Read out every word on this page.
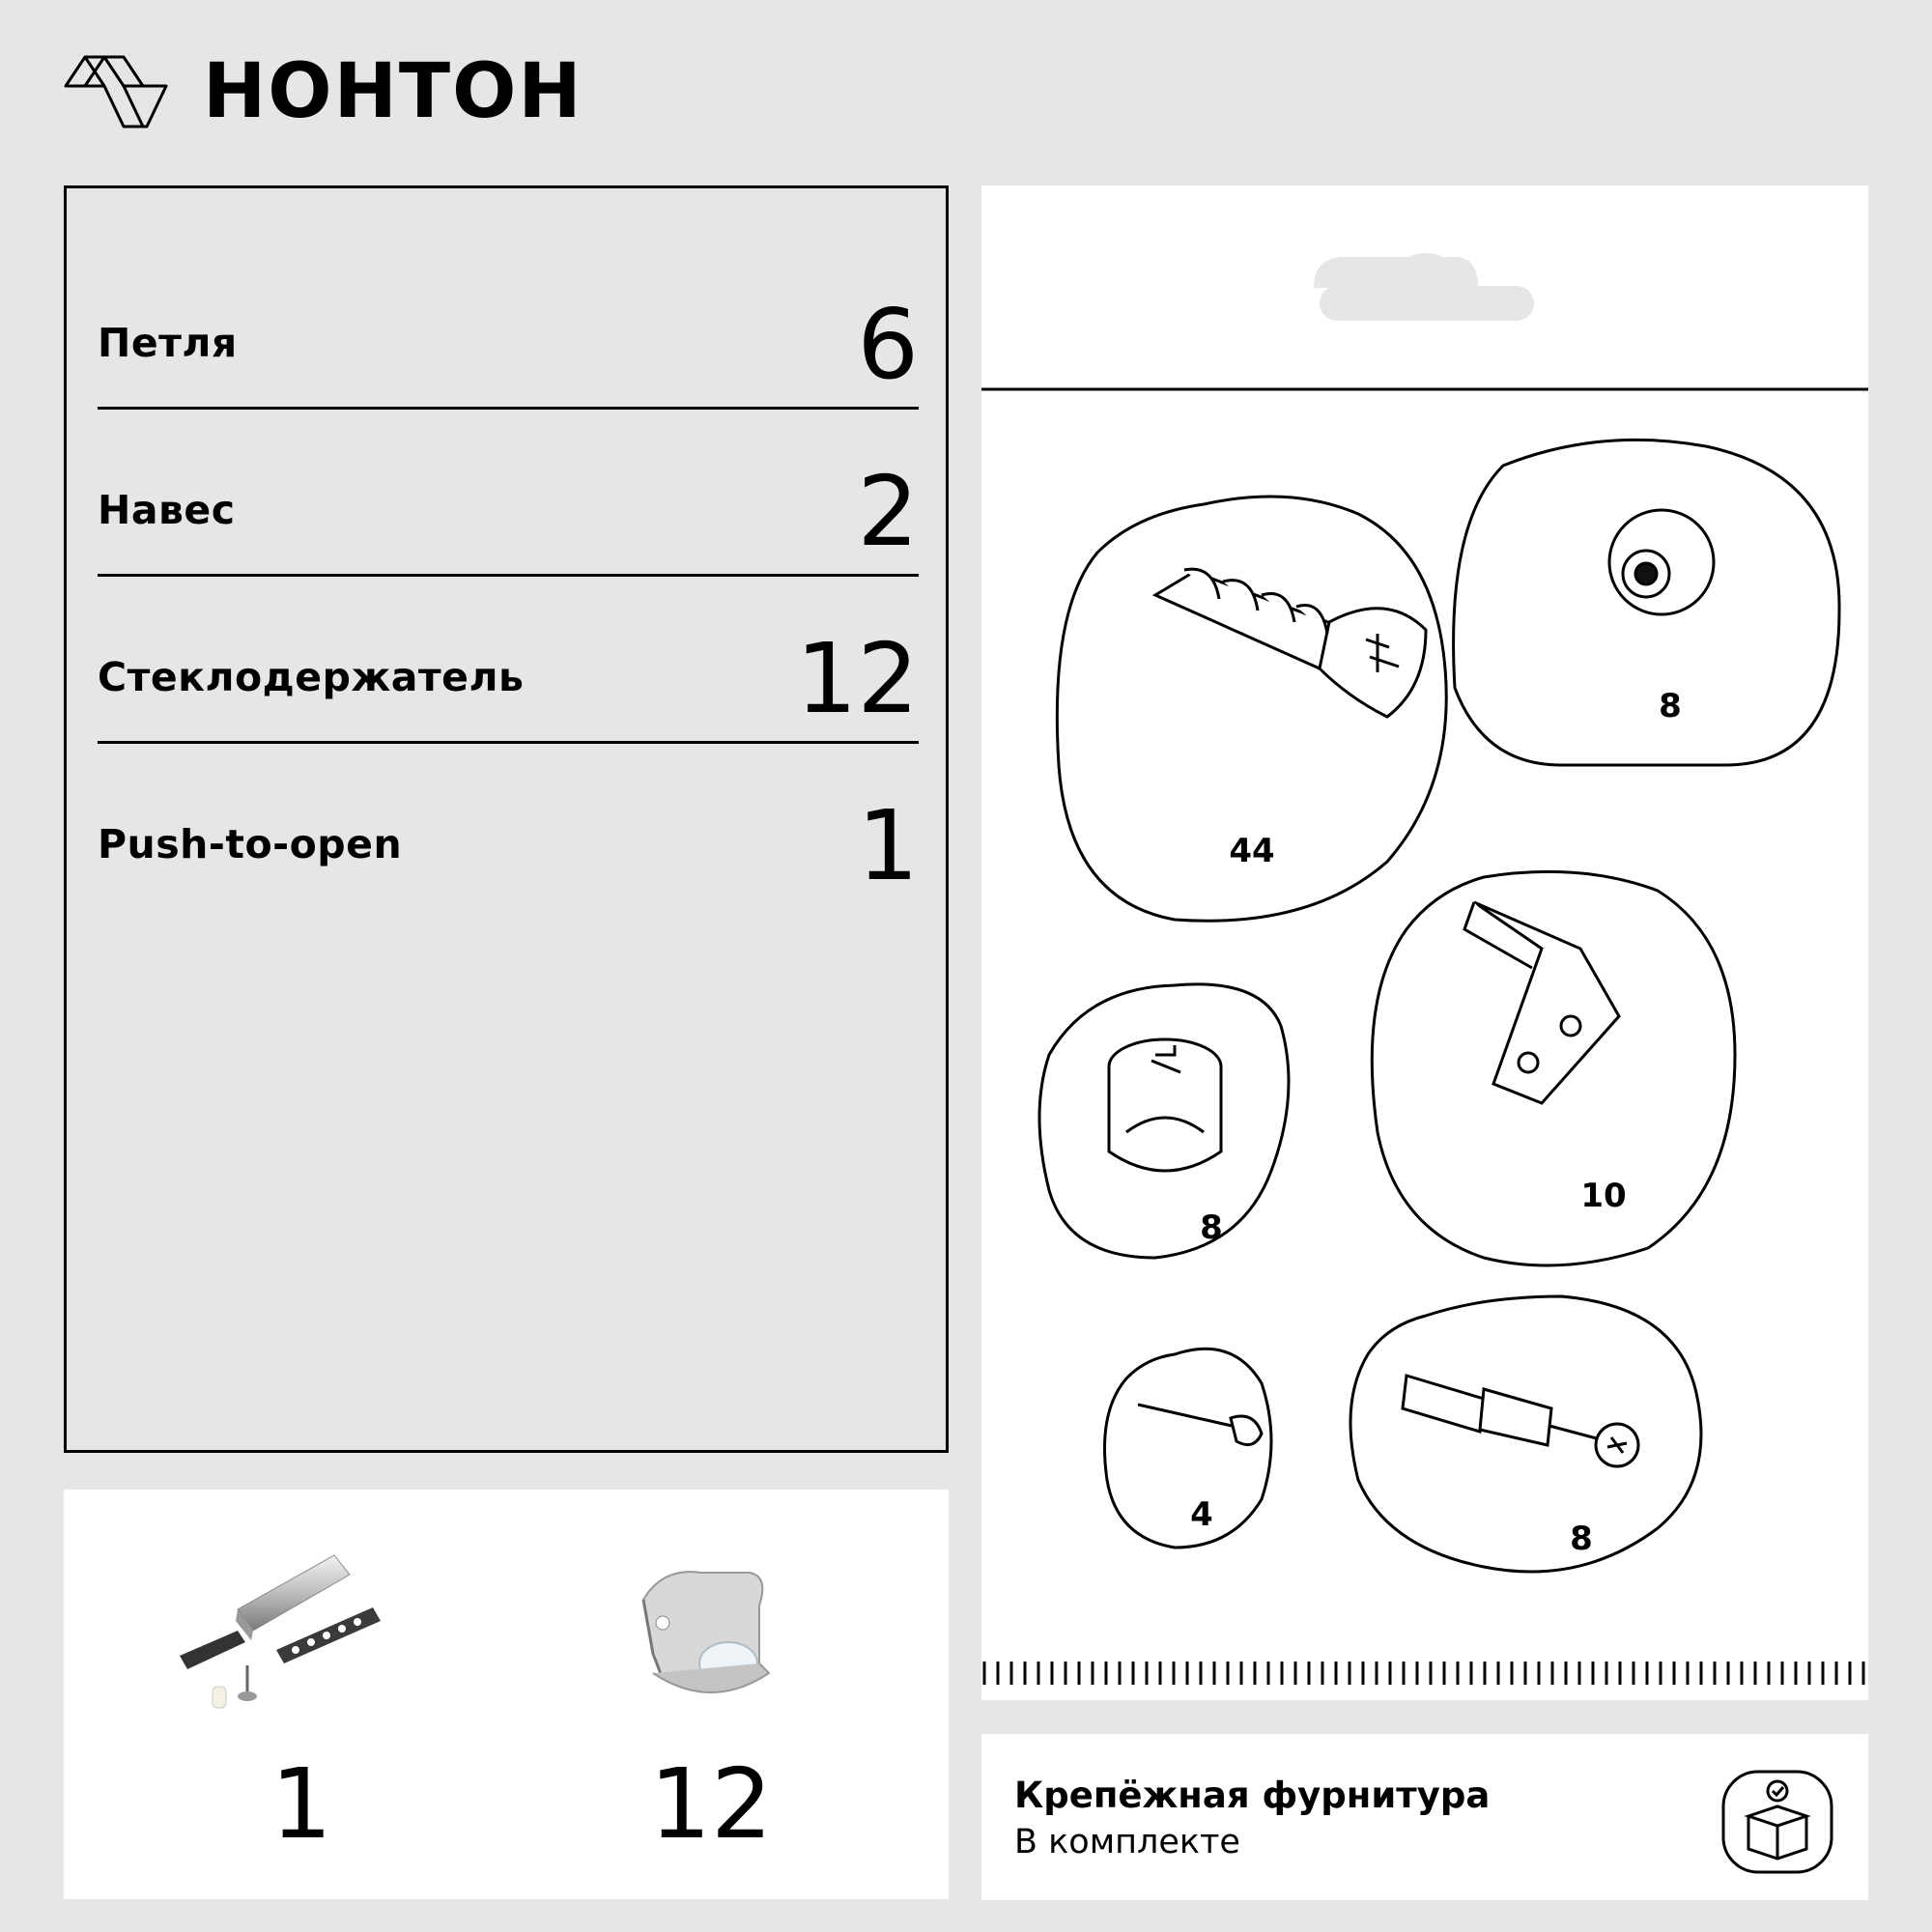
НОНТОН
Петля	6
Навес	2
Стеклодержатель	12
Push-to-open	1
1	12
8
44
8
10
4
8
Крепёжная фурнитура
В комплекте
